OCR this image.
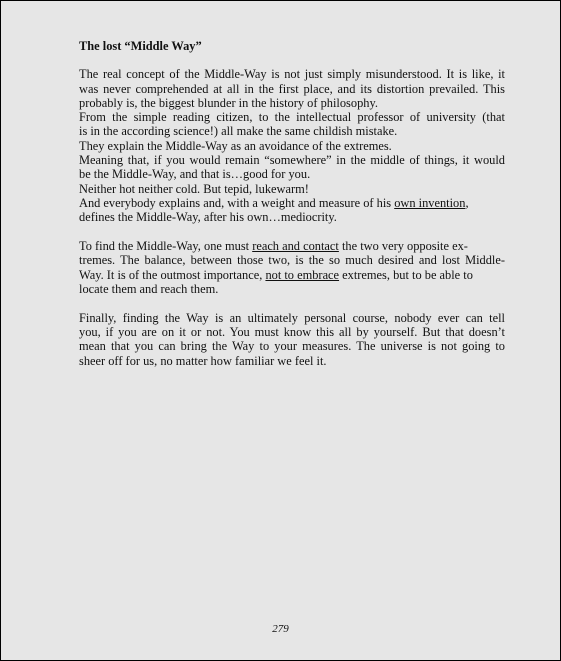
The lost “Middle Way”
The real concept of the Middle-Way is not just simply misunderstood. It is like, it
was never comprehended at all in the first place, and its distortion prevailed. This
probably is, the biggest blunder in the history of philosophy.
From the simple reading citizen, to the intellectual professor of university (that
is in the according science!) all make the same childish mistake.
They explain the Middle-Way as an avoidance of the extremes.
Meaning that, if you would remain “somewhere” in the middle of things, it would
be the Middle-Way, and that is…good for you.
Neither hot neither cold. But tepid, lukewarm!
And everybody explains and, with a weight and measure of his own invention,
defines the Middle-Way, after his own…mediocrity.
To find the Middle-Way, one must reach and contact the two very opposite ex-
tremes. The balance, between those two, is the so much desired and lost Middle-
Way. It is of the outmost importance, not to embrace extremes, but to be able to
locate them and reach them.
Finally, finding the Way is an ultimately personal course, nobody ever can tell
you, if you are on it or not. You must know this all by yourself. But that doesn’t
mean that you can bring the Way to your measures. The universe is not going to
sheer off for us, no matter how familiar we feel it.
279
